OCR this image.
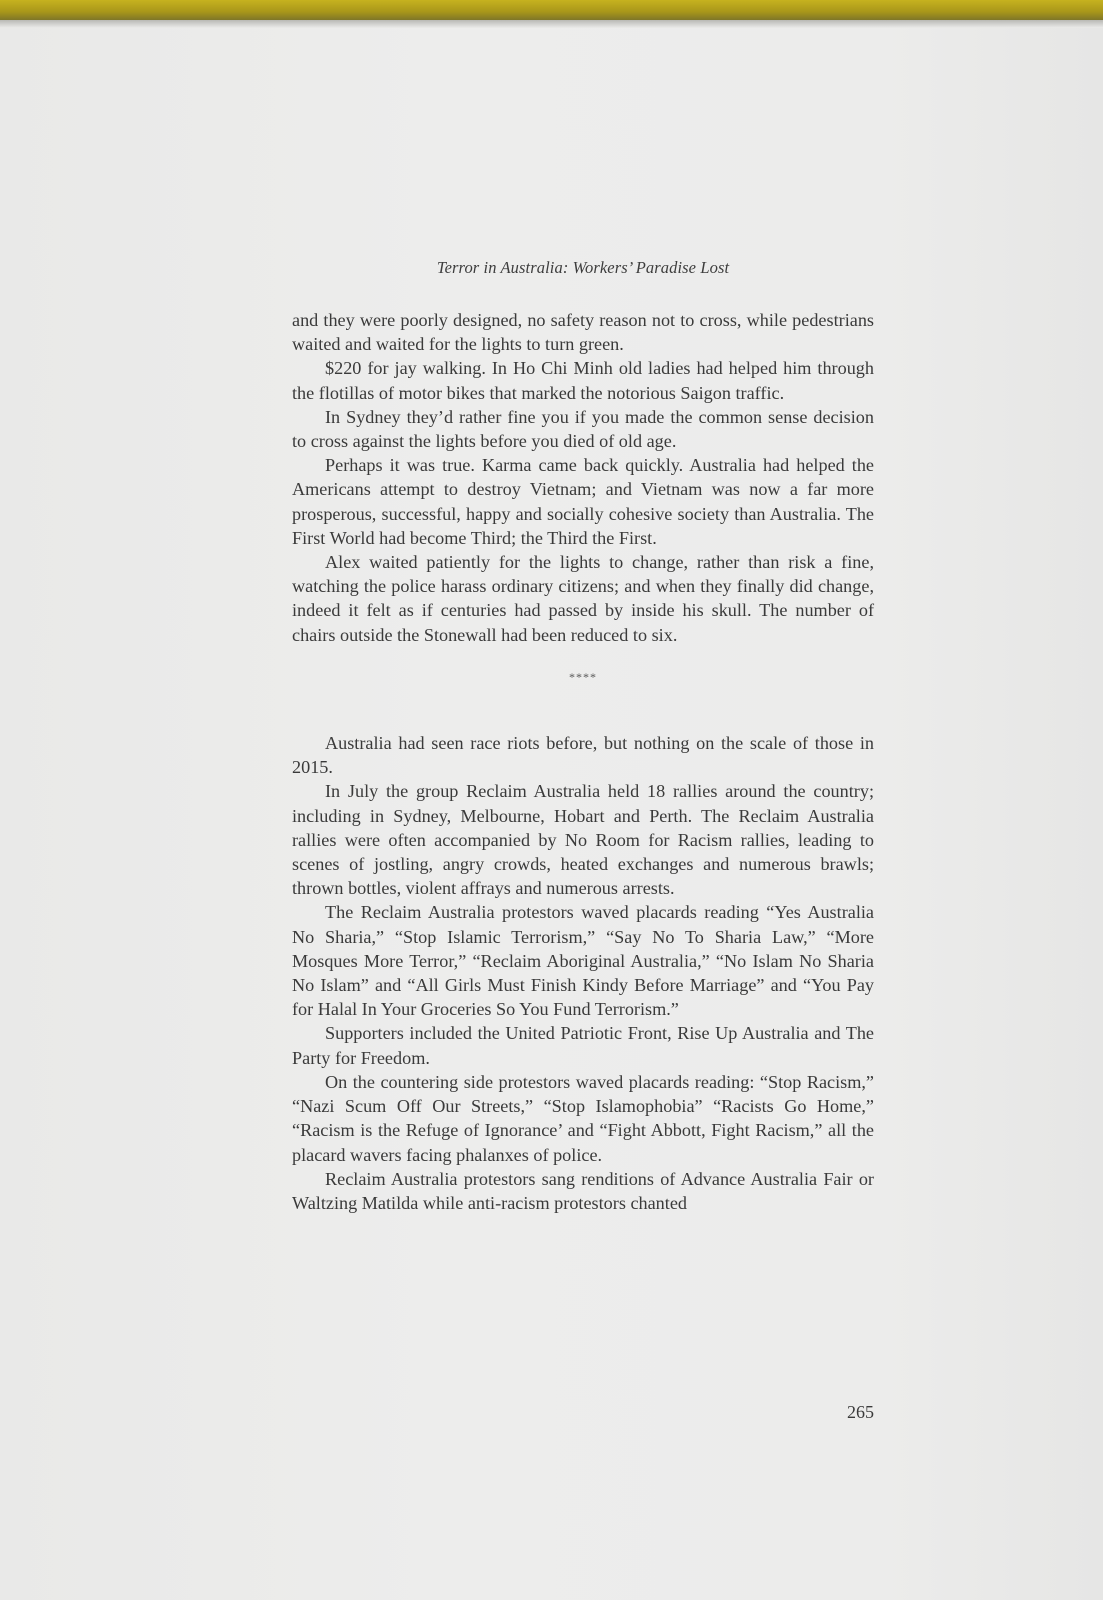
Terror in Australia: Workers’ Paradise Lost

and they were poorly designed, no safety reason not to cross, while pedestrians waited and waited for the lights to turn green.

$220 for jay walking. In Ho Chi Minh old ladies had helped him through the flotillas of motor bikes that marked the notorious Saigon traffic.

In Sydney they’d rather fine you if you made the common sense decision to cross against the lights before you died of old age.

Perhaps it was true. Karma came back quickly. Australia had helped the Americans attempt to destroy Vietnam; and Vietnam was now a far more prosperous, successful, happy and socially cohesive society than Australia. The First World had become Third; the Third the First.

Alex waited patiently for the lights to change, rather than risk a fine, watching the police harass ordinary citizens; and when they finally did change, indeed it felt as if centuries had passed by inside his skull. The number of chairs outside the Stonewall had been reduced to six.

****

Australia had seen race riots before, but nothing on the scale of those in 2015.

In July the group Reclaim Australia held 18 rallies around the country; including in Sydney, Melbourne, Hobart and Perth. The Reclaim Australia rallies were often accompanied by No Room for Racism rallies, leading to scenes of jostling, angry crowds, heated exchanges and numerous brawls; thrown bottles, violent affrays and numerous arrests.

The Reclaim Australia protestors waved placards reading “Yes Australia No Sharia,” “Stop Islamic Terrorism,” “Say No To Sharia Law,” “More Mosques More Terror,” “Reclaim Aboriginal Australia,” “No Islam No Sharia No Islam” and “All Girls Must Finish Kindy Before Marriage” and “You Pay for Halal In Your Groceries So You Fund Terrorism.”

Supporters included the United Patriotic Front, Rise Up Australia and The Party for Freedom.

On the countering side protestors waved placards reading: “Stop Racism,” “Nazi Scum Off Our Streets,” “Stop Islamophobia” “Racists Go Home,” “Racism is the Refuge of Ignorance’ and “Fight Abbott, Fight Racism,” all the placard wavers facing phalanxes of police.

Reclaim Australia protestors sang renditions of Advance Australia Fair or Waltzing Matilda while anti-racism protestors chanted

265
